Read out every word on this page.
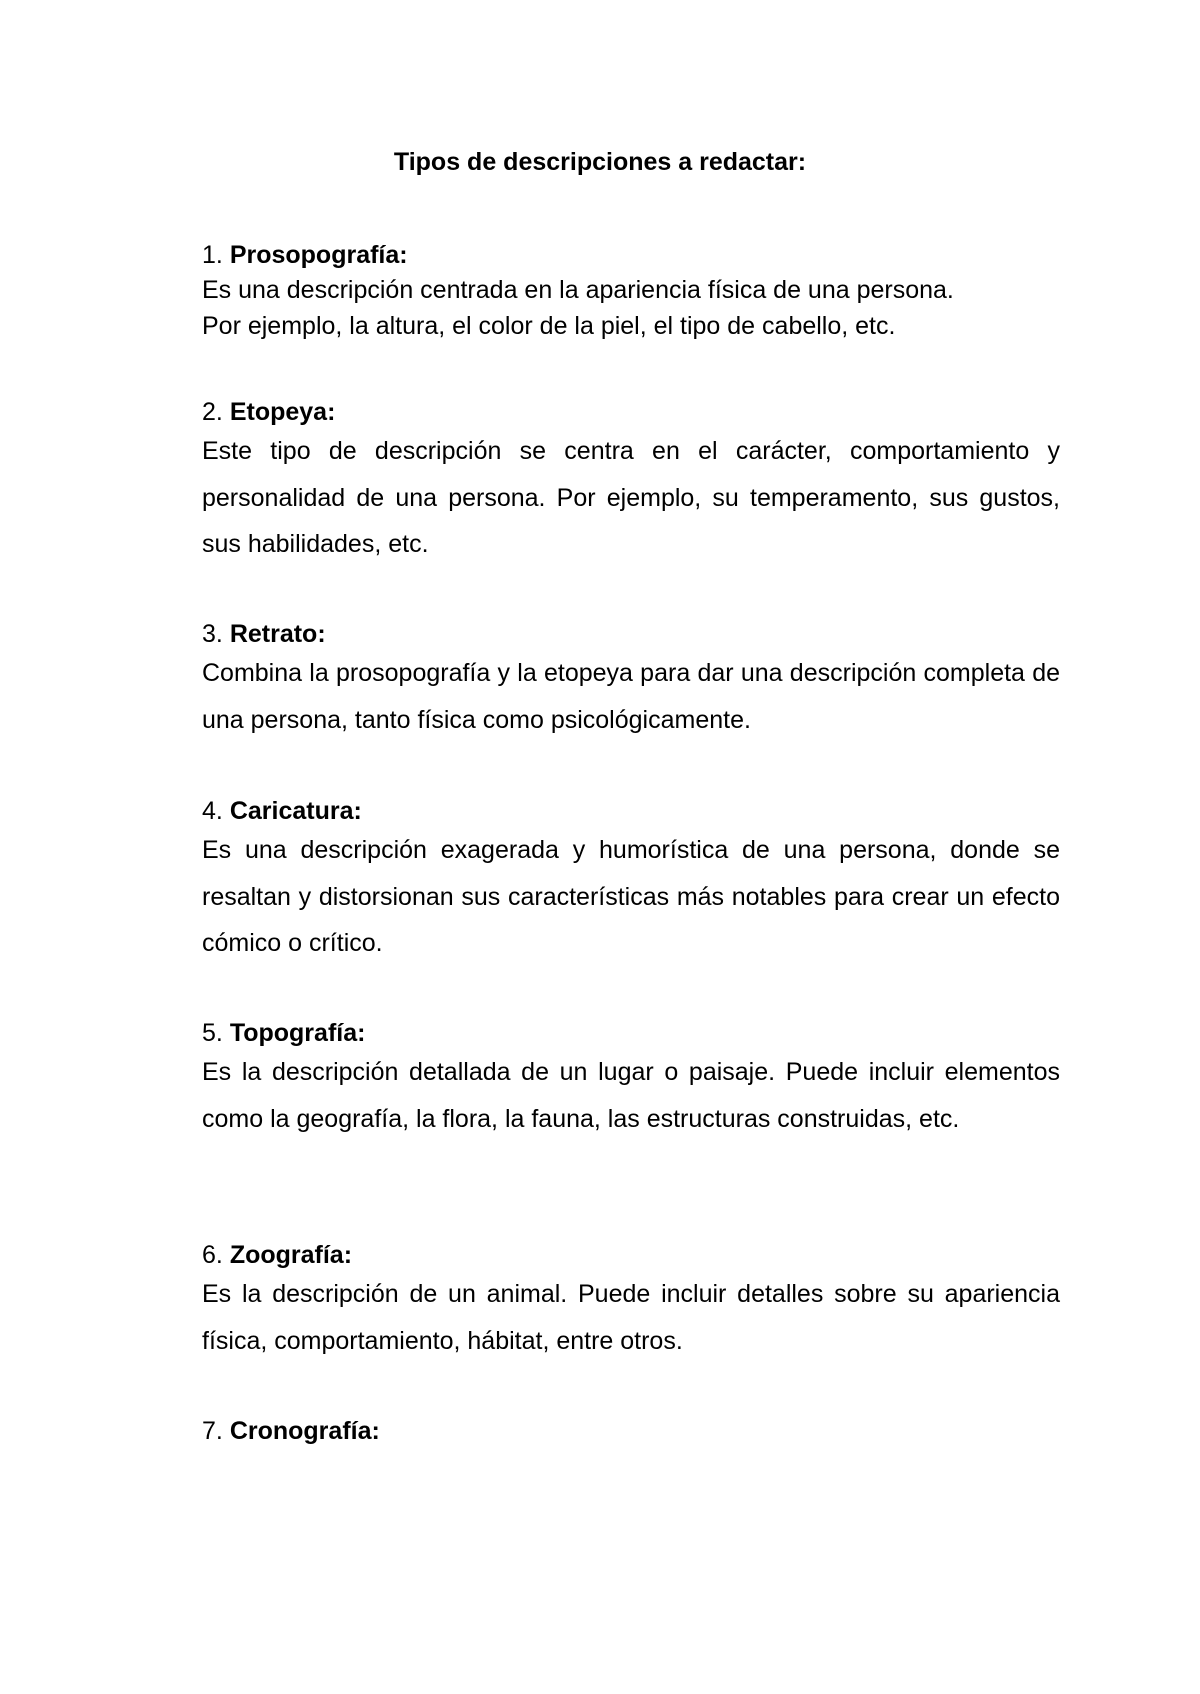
Tipos de descripciones a redactar:

1. Prosopografía:

Es una descripción centrada en la apariencia física de una persona.
Por ejemplo, la altura, el color de la piel, el tipo de cabello, etc.

2. Etopeya:

Este tipo de descripción se centra en el carácter, comportamiento y personalidad de una persona. Por ejemplo, su temperamento, sus gustos, sus habilidades, etc.

3. Retrato:

Combina la prosopografía y la etopeya para dar una descripción completa de una persona, tanto física como psicológicamente.

4. Caricatura:

Es una descripción exagerada y humorística de una persona, donde se resaltan y distorsionan sus características más notables para crear un efecto cómico o crítico.

5. Topografía:

Es la descripción detallada de un lugar o paisaje. Puede incluir elementos como la geografía, la flora, la fauna, las estructuras construidas, etc.

6. Zoografía:

Es la descripción de un animal. Puede incluir detalles sobre su apariencia física, comportamiento, hábitat, entre otros.

7. Cronografía:
